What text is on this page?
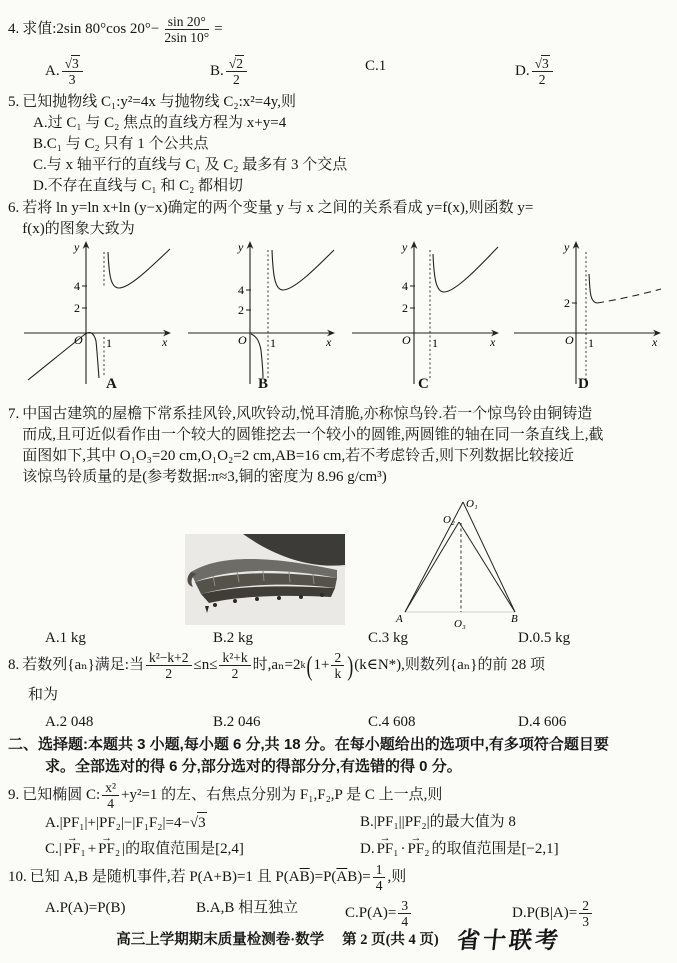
4. 求值:2sin 80°cos $20^\circ- \frac{\sin 20^\circ}{2\sin 10^\circ}$ =
A. $\frac{√3}{3}$	B. $\frac{√2}{2}$	C. 1	D. $\frac{√3}{2}$
5. 已知抛物线 C₁:y²=4x 与抛物线 C₂:x²=4y,则
A.过 C₁ 与 C₂ 焦点的直线方程为 x+y=4
B.C₁ 与 C₂ 只有 1 个公共点
C.与 x 轴平行的直线与 C₁ 及 C₂ 最多有 3 个交点
D.不存在直线与 C₁ 和 C₂ 都相切
6. 若将 ln y=ln x+ln (y−x)确定的两个变量 y 与 x 之间的关系看成 y=f(x),则函数 y=
f(x)的图象大致为
y
x
O
4
2
1
y
x
O
4
2
1
y
x
O
4
2
1
y
x
O
2
1
A	B	C	D
7. 中国古建筑的屋檐下常系挂风铃,风吹铃动,悦耳清脆,亦称惊鸟铃.若一个惊鸟铃由铜铸造
而成,且可近似看作由一个较大的圆锥挖去一个较小的圆锥,两圆锥的轴在同一条直线上,截
面图如下,其中 O₁O₃=20 cm,O₁O₂=2 cm,AB=16 cm,若不考虑铃舌,则下列数据比较接近
该惊鸟铃质量的是(参考数据:π≈3,铜的密度为 8.96 g/cm³)
O₁
O₂
A	B
O₃
A.1 kg	B.2 kg	C.3 kg	D.0.5 kg
8. 若数列{aₙ}满足:当 $\frac{\text{k²−k+2}}{2} \le n\le \frac{\text{k²+k}}{2}$ 时,aₙ=2 k ( $1+ \frac{2}{k}$ ) (k∈N*),则数列{aₙ}的前 28 项
和为
A.2 048	B.2 046	C.4 608	D.4 606
二、选择题:本题共 3 小题,每小题 6 分,共 18 分。在每小题给出的选项中,有多项符合题目要
求。全部选对的得 6 分,部分选对的得部分分,有选错的得 0 分。
9. 已知椭圆 C: $\frac{\text{x²}}{4} +y^2=1$ 的左、右焦点分别为 F₁,F₂,P 是 C 上一点,则
A. |PF₁|+|PF₂|−|F₁F₂|=4− √ 3	B. |PF₁||PF₂|的最大值为 8
C. |
→
PF₁ +
→
PF₂ |的取值范围是[2,4]	D.
→
PF₁ ·
→
PF₂ 的取值范围是[−2,1]
10. 已知 A,B 是随机事件,若 P(A+B)=1 且 P(A $\overline{B}$ )=P( $\overline{A}$ $B)= \frac{1}{4}$ ,则
A.P(A)=P(B)	B.A,B 相互独立	$C.P(A)= \frac{3}{4}$	$D.P(B|A)= \frac{2}{3}$
高三上学期期末质量检测卷·数学 第 2 页(共 4 页) 省十联考
